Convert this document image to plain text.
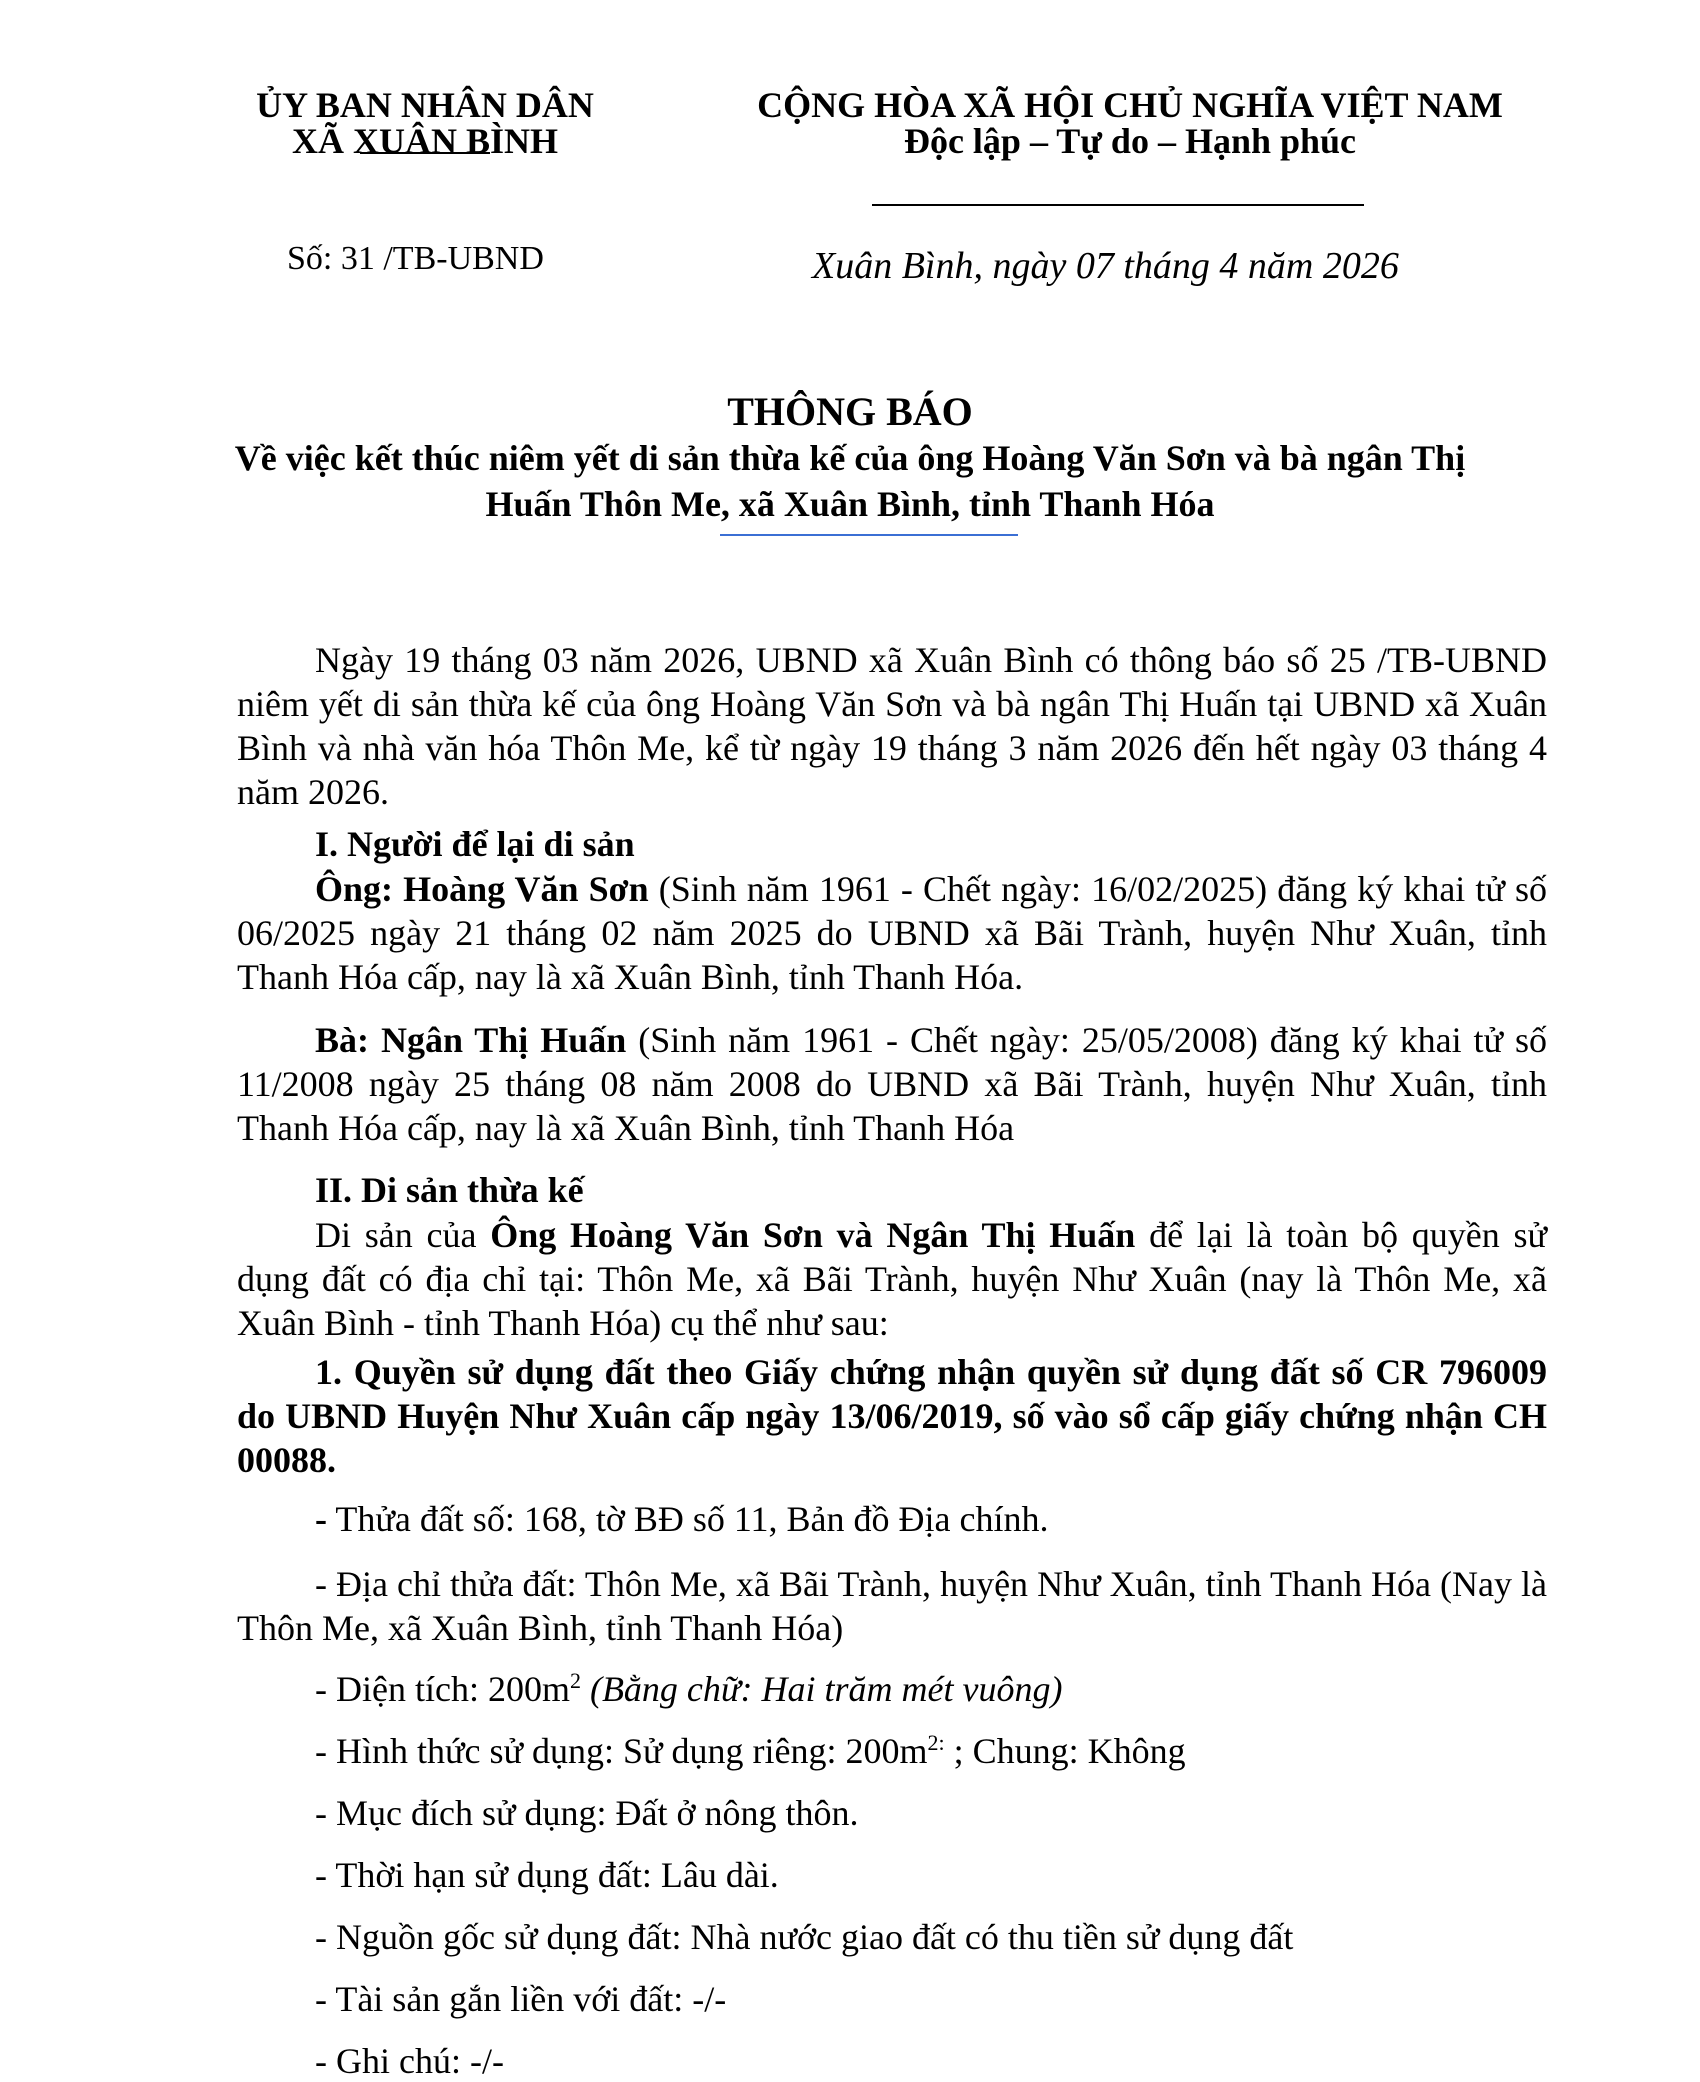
ỦY BAN NHÂN DÂN
XÃ XUÂN BÌNH
Số: 31 /TB-UBND
CỘNG HÒA XÃ HỘI CHỦ NGHĨA VIỆT NAM
Độc lập – Tự do – Hạnh phúc
Xuân Bình, ngày 07 tháng 4 năm 2026
THÔNG BÁO
Về việc kết thúc niêm yết di sản thừa kế của ông Hoàng Văn Sơn và bà ngân Thị
Huấn Thôn Me, xã Xuân Bình, tỉnh Thanh Hóa
Ngày 19 tháng 03 năm 2026, UBND xã Xuân Bình có thông báo số 25 /TB-UBND niêm yết di sản thừa kế của ông Hoàng Văn Sơn và bà ngân Thị Huấn tại UBND xã Xuân Bình và nhà văn hóa Thôn Me, kể từ ngày 19 tháng 3 năm 2026 đến hết ngày 03 tháng 4 năm 2026.
I. Người để lại di sản
Ông: Hoàng Văn Sơn (Sinh năm 1961 - Chết ngày: 16/02/2025) đăng ký khai tử số 06/2025 ngày 21 tháng 02 năm 2025 do UBND xã Bãi Trành, huyện Như Xuân, tỉnh Thanh Hóa cấp, nay là xã Xuân Bình, tỉnh Thanh Hóa.
Bà: Ngân Thị Huấn (Sinh năm 1961 - Chết ngày: 25/05/2008) đăng ký khai tử số 11/2008 ngày 25 tháng 08 năm 2008 do UBND xã Bãi Trành, huyện Như Xuân, tỉnh Thanh Hóa cấp, nay là xã Xuân Bình, tỉnh Thanh Hóa
II. Di sản thừa kế
Di sản của Ông Hoàng Văn Sơn và Ngân Thị Huấn để lại là toàn bộ quyền sử dụng đất có địa chỉ tại: Thôn Me, xã Bãi Trành, huyện Như Xuân (nay là Thôn Me, xã Xuân Bình - tỉnh Thanh Hóa) cụ thể như sau:
1. Quyền sử dụng đất theo Giấy chứng nhận quyền sử dụng đất số CR 796009 do UBND Huyện Như Xuân cấp ngày 13/06/2019, số vào sổ cấp giấy chứng nhận CH 00088.
- Thửa đất số: 168, tờ BĐ số 11, Bản đồ Địa chính.
- Địa chỉ thửa đất: Thôn Me, xã Bãi Trành, huyện Như Xuân, tỉnh Thanh Hóa (Nay là Thôn Me, xã Xuân Bình, tỉnh Thanh Hóa)
- Diện tích: $200m^2$ (Bằng chữ: Hai trăm mét vuông)
- Hình thức sử dụng: Sử dụng riêng: $200m^{2:}$ ; Chung: Không
- Mục đích sử dụng: Đất ở nông thôn.
- Thời hạn sử dụng đất: Lâu dài.
- Nguồn gốc sử dụng đất: Nhà nước giao đất có thu tiền sử dụng đất
- Tài sản gắn liền với đất: -/-
- Ghi chú: -/-
